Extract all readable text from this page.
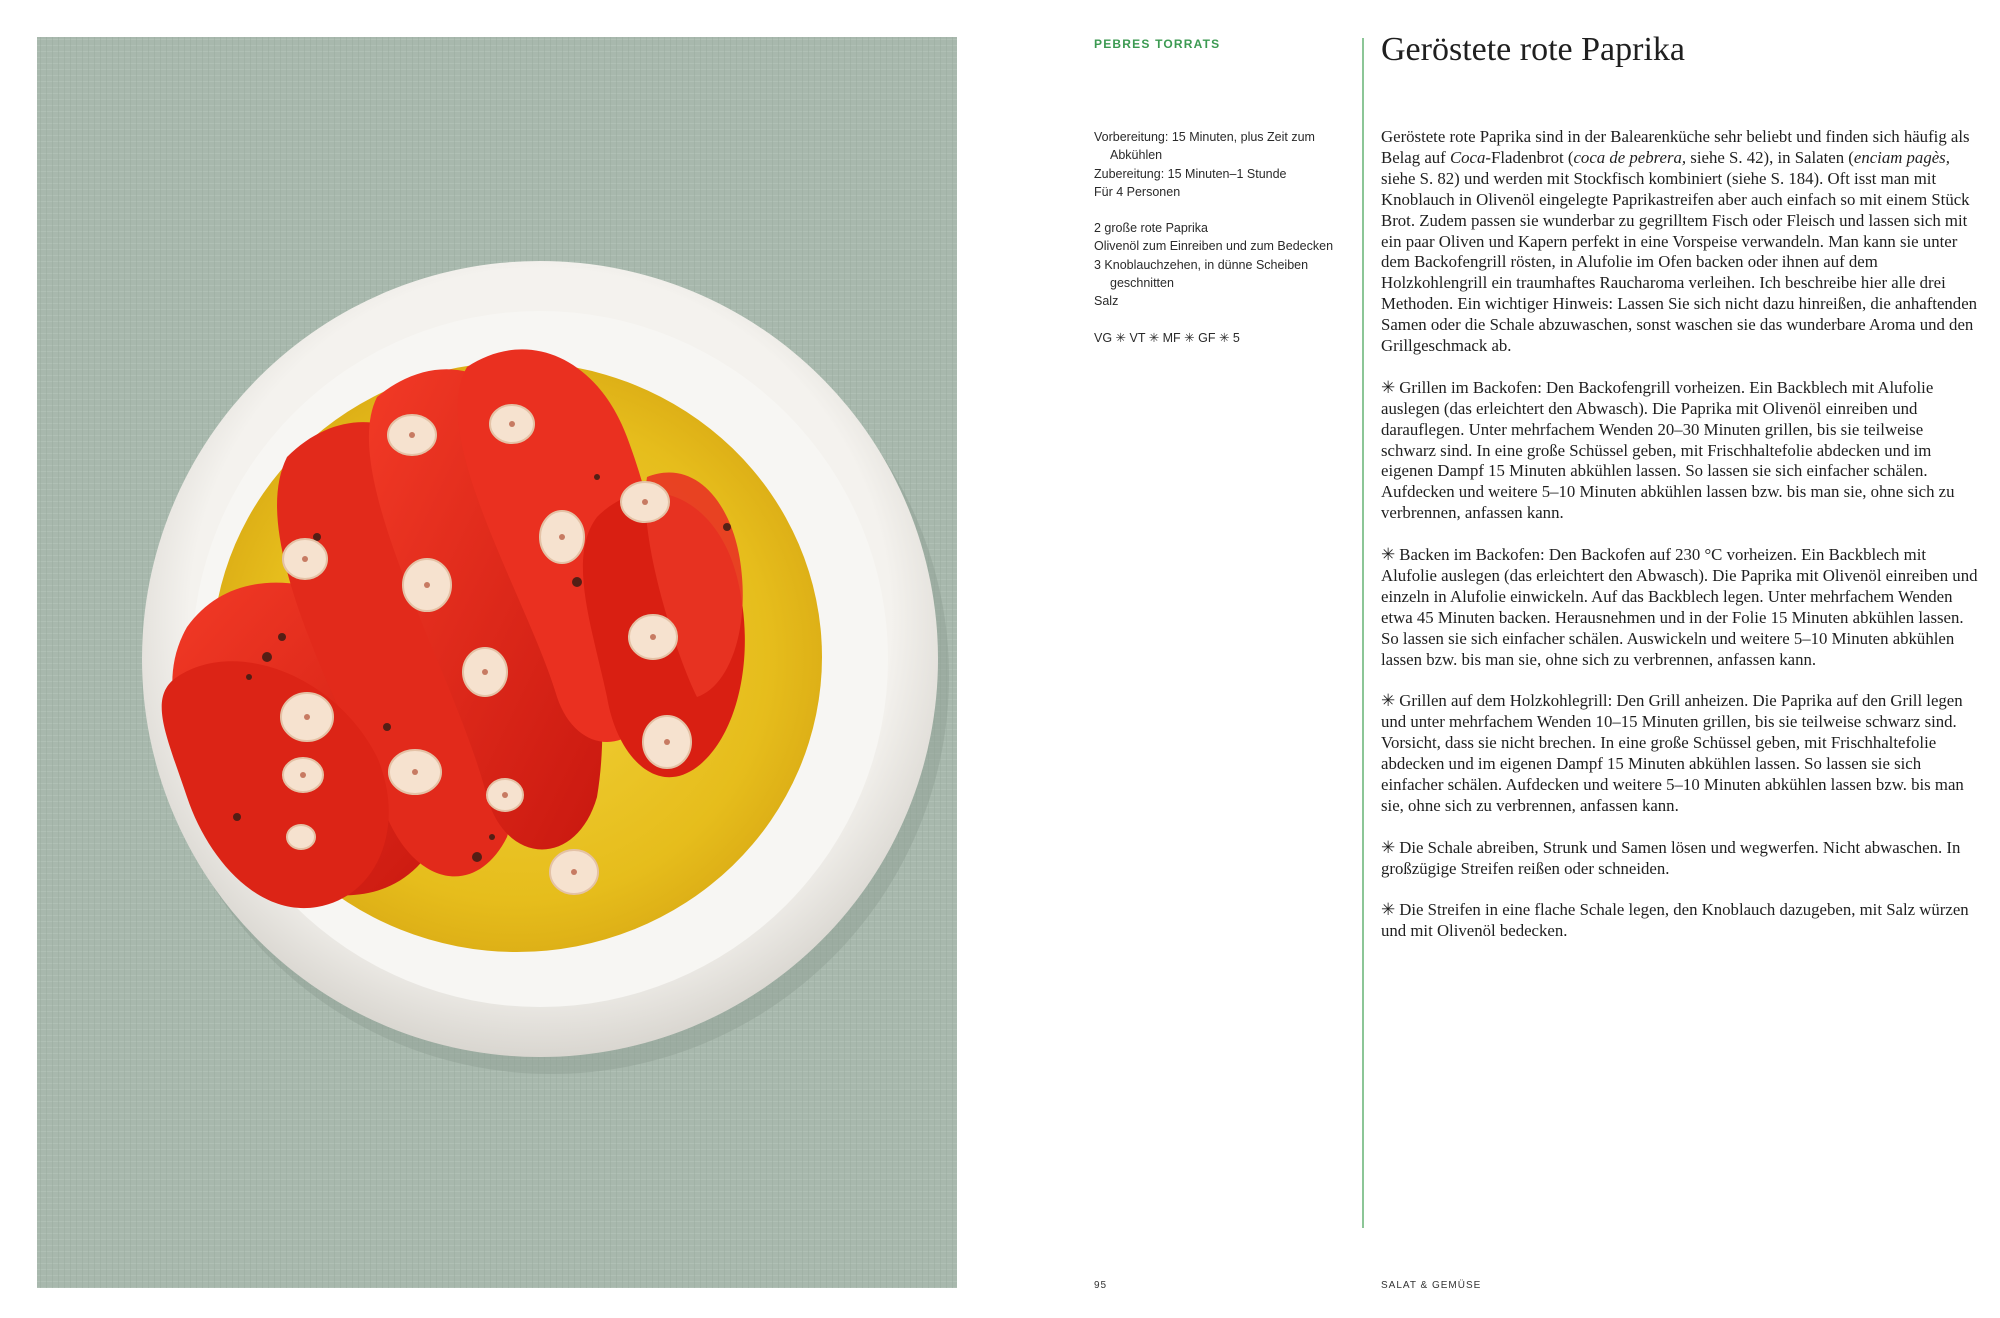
PEBRES TORRATS
Vorbereitung: 15 Minuten, plus Zeit zum Abkühlen
Zubereitung: 15 Minuten–1 Stunde
Für 4 Personen
2 große rote Paprika
Olivenöl zum Einreiben und zum Bedecken
3 Knoblauchzehen, in dünne Scheiben geschnitten
Salz
VG ✳ VT ✳ MF ✳ GF ✳ 5
Geröstete rote Paprika

Geröstete rote Paprika sind in der Balearenküche sehr beliebt und finden sich häufig als Belag auf Coca-Fladenbrot (coca de pebrera, siehe S. 42), in Salaten (enciam pagès, siehe S. 82) und werden mit Stockfisch kombiniert (siehe S. 184). Oft isst man mit Knoblauch in Olivenöl eingelegte Paprikastreifen aber auch einfach so mit einem Stück Brot. Zudem passen sie wunderbar zu gegrilltem Fisch oder Fleisch und lassen sich mit ein paar Oliven und Kapern perfekt in eine Vorspeise verwandeln. Man kann sie unter dem Backofengrill rösten, in Alufolie im Ofen backen oder ihnen auf dem Holzkohlengrill ein traumhaftes Raucharoma verleihen. Ich beschreibe hier alle drei Methoden. Ein wichtiger Hinweis: Lassen Sie sich nicht dazu hinreißen, die anhaftenden Samen oder die Schale abzuwaschen, sonst waschen sie das wunderbare Aroma und den Grillgeschmack ab.

✳ Grillen im Backofen: Den Backofengrill vorheizen. Ein Backblech mit Alufolie auslegen (das erleichtert den Abwasch). Die Paprika mit Olivenöl einreiben und darauflegen. Unter mehrfachem Wenden 20–30 Minuten grillen, bis sie teilweise schwarz sind. In eine große Schüssel geben, mit Frischhaltefolie abdecken und im eigenen Dampf 15 Minuten abkühlen lassen. So lassen sie sich einfacher schälen. Aufdecken und weitere 5–10 Minuten abkühlen lassen bzw. bis man sie, ohne sich zu verbrennen, anfassen kann.

✳ Backen im Backofen: Den Backofen auf 230 °C vorheizen. Ein Backblech mit Alufolie auslegen (das erleichtert den Abwasch). Die Paprika mit Olivenöl einreiben und einzeln in Alufolie einwickeln. Auf das Backblech legen. Unter mehrfachem Wenden etwa 45 Minuten backen. Herausnehmen und in der Folie 15 Minuten abkühlen lassen. So lassen sie sich einfacher schälen. Auswickeln und weitere 5–10 Minuten abkühlen lassen bzw. bis man sie, ohne sich zu verbrennen, anfassen kann.

✳ Grillen auf dem Holzkohlegrill: Den Grill anheizen. Die Paprika auf den Grill legen und unter mehrfachem Wenden 10–15 Minuten grillen, bis sie teilweise schwarz sind. Vorsicht, dass sie nicht brechen. In eine große Schüssel geben, mit Frischhaltefolie abdecken und im eigenen Dampf 15 Minuten abkühlen lassen. So lassen sie sich einfacher schälen. Aufdecken und weitere 5–10 Minuten abkühlen lassen bzw. bis man sie, ohne sich zu verbrennen, anfassen kann.

✳ Die Schale abreiben, Strunk und Samen lösen und wegwerfen. Nicht abwaschen. In großzügige Streifen reißen oder schneiden.

✳ Die Streifen in eine flache Schale legen, den Knoblauch dazugeben, mit Salz würzen und mit Olivenöl bedecken.

95	SALAT & GEMÜSE
